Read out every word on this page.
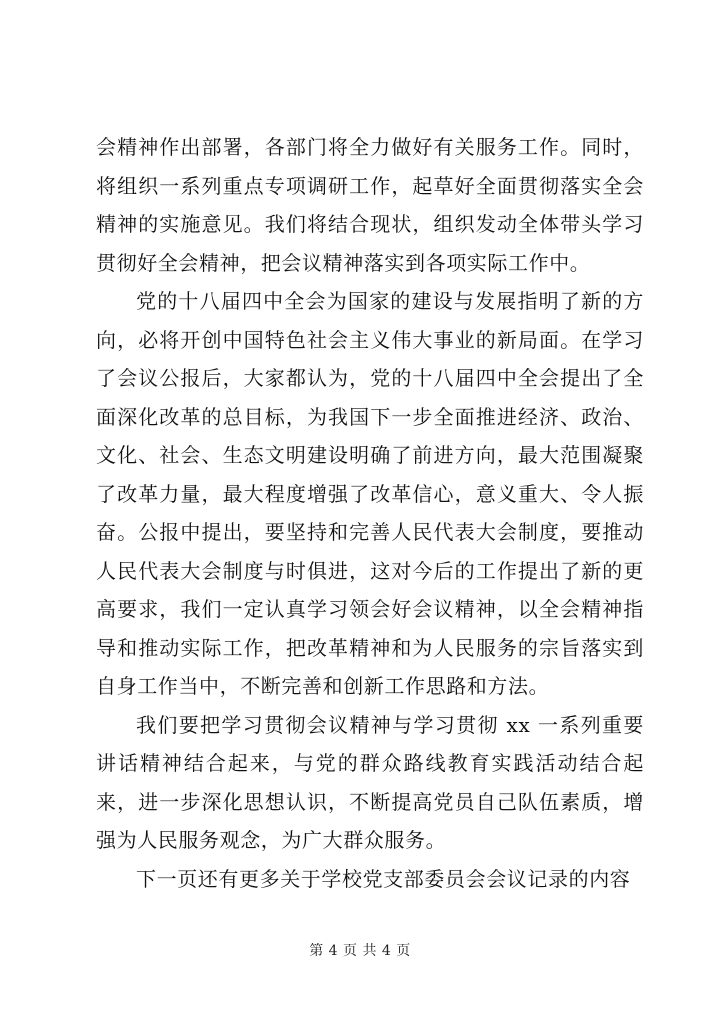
会精神作出部署，各部门将全力做好有关服务工作。同时，将组织一系列重点专项调研工作，起草好全面贯彻落实全会精神的实施意见。我们将结合现状，组织发动全体带头学习贯彻好全会精神，把会议精神落实到各项实际工作中。

党的十八届四中全会为国家的建设与发展指明了新的方向，必将开创中国特色社会主义伟大事业的新局面。在学习了会议公报后，大家都认为，党的十八届四中全会提出了全面深化改革的总目标，为我国下一步全面推进经济、政治、文化、社会、生态文明建设明确了前进方向，最大范围凝聚了改革力量，最大程度增强了改革信心，意义重大、令人振奋。公报中提出，要坚持和完善人民代表大会制度，要推动人民代表大会制度与时俱进，这对今后的工作提出了新的更高要求，我们一定认真学习领会好会议精神，以全会精神指导和推动实际工作，把改革精神和为人民服务的宗旨落实到自身工作当中，不断完善和创新工作思路和方法。

我们要把学习贯彻会议精神与学习贯彻 xx 一系列重要讲话精神结合起来，与党的群众路线教育实践活动结合起来，进一步深化思想认识，不断提高党员自己队伍素质，增强为人民服务观念，为广大群众服务。

下一页还有更多关于学校党支部委员会会议记录的内容

第 4 页 共 4 页
